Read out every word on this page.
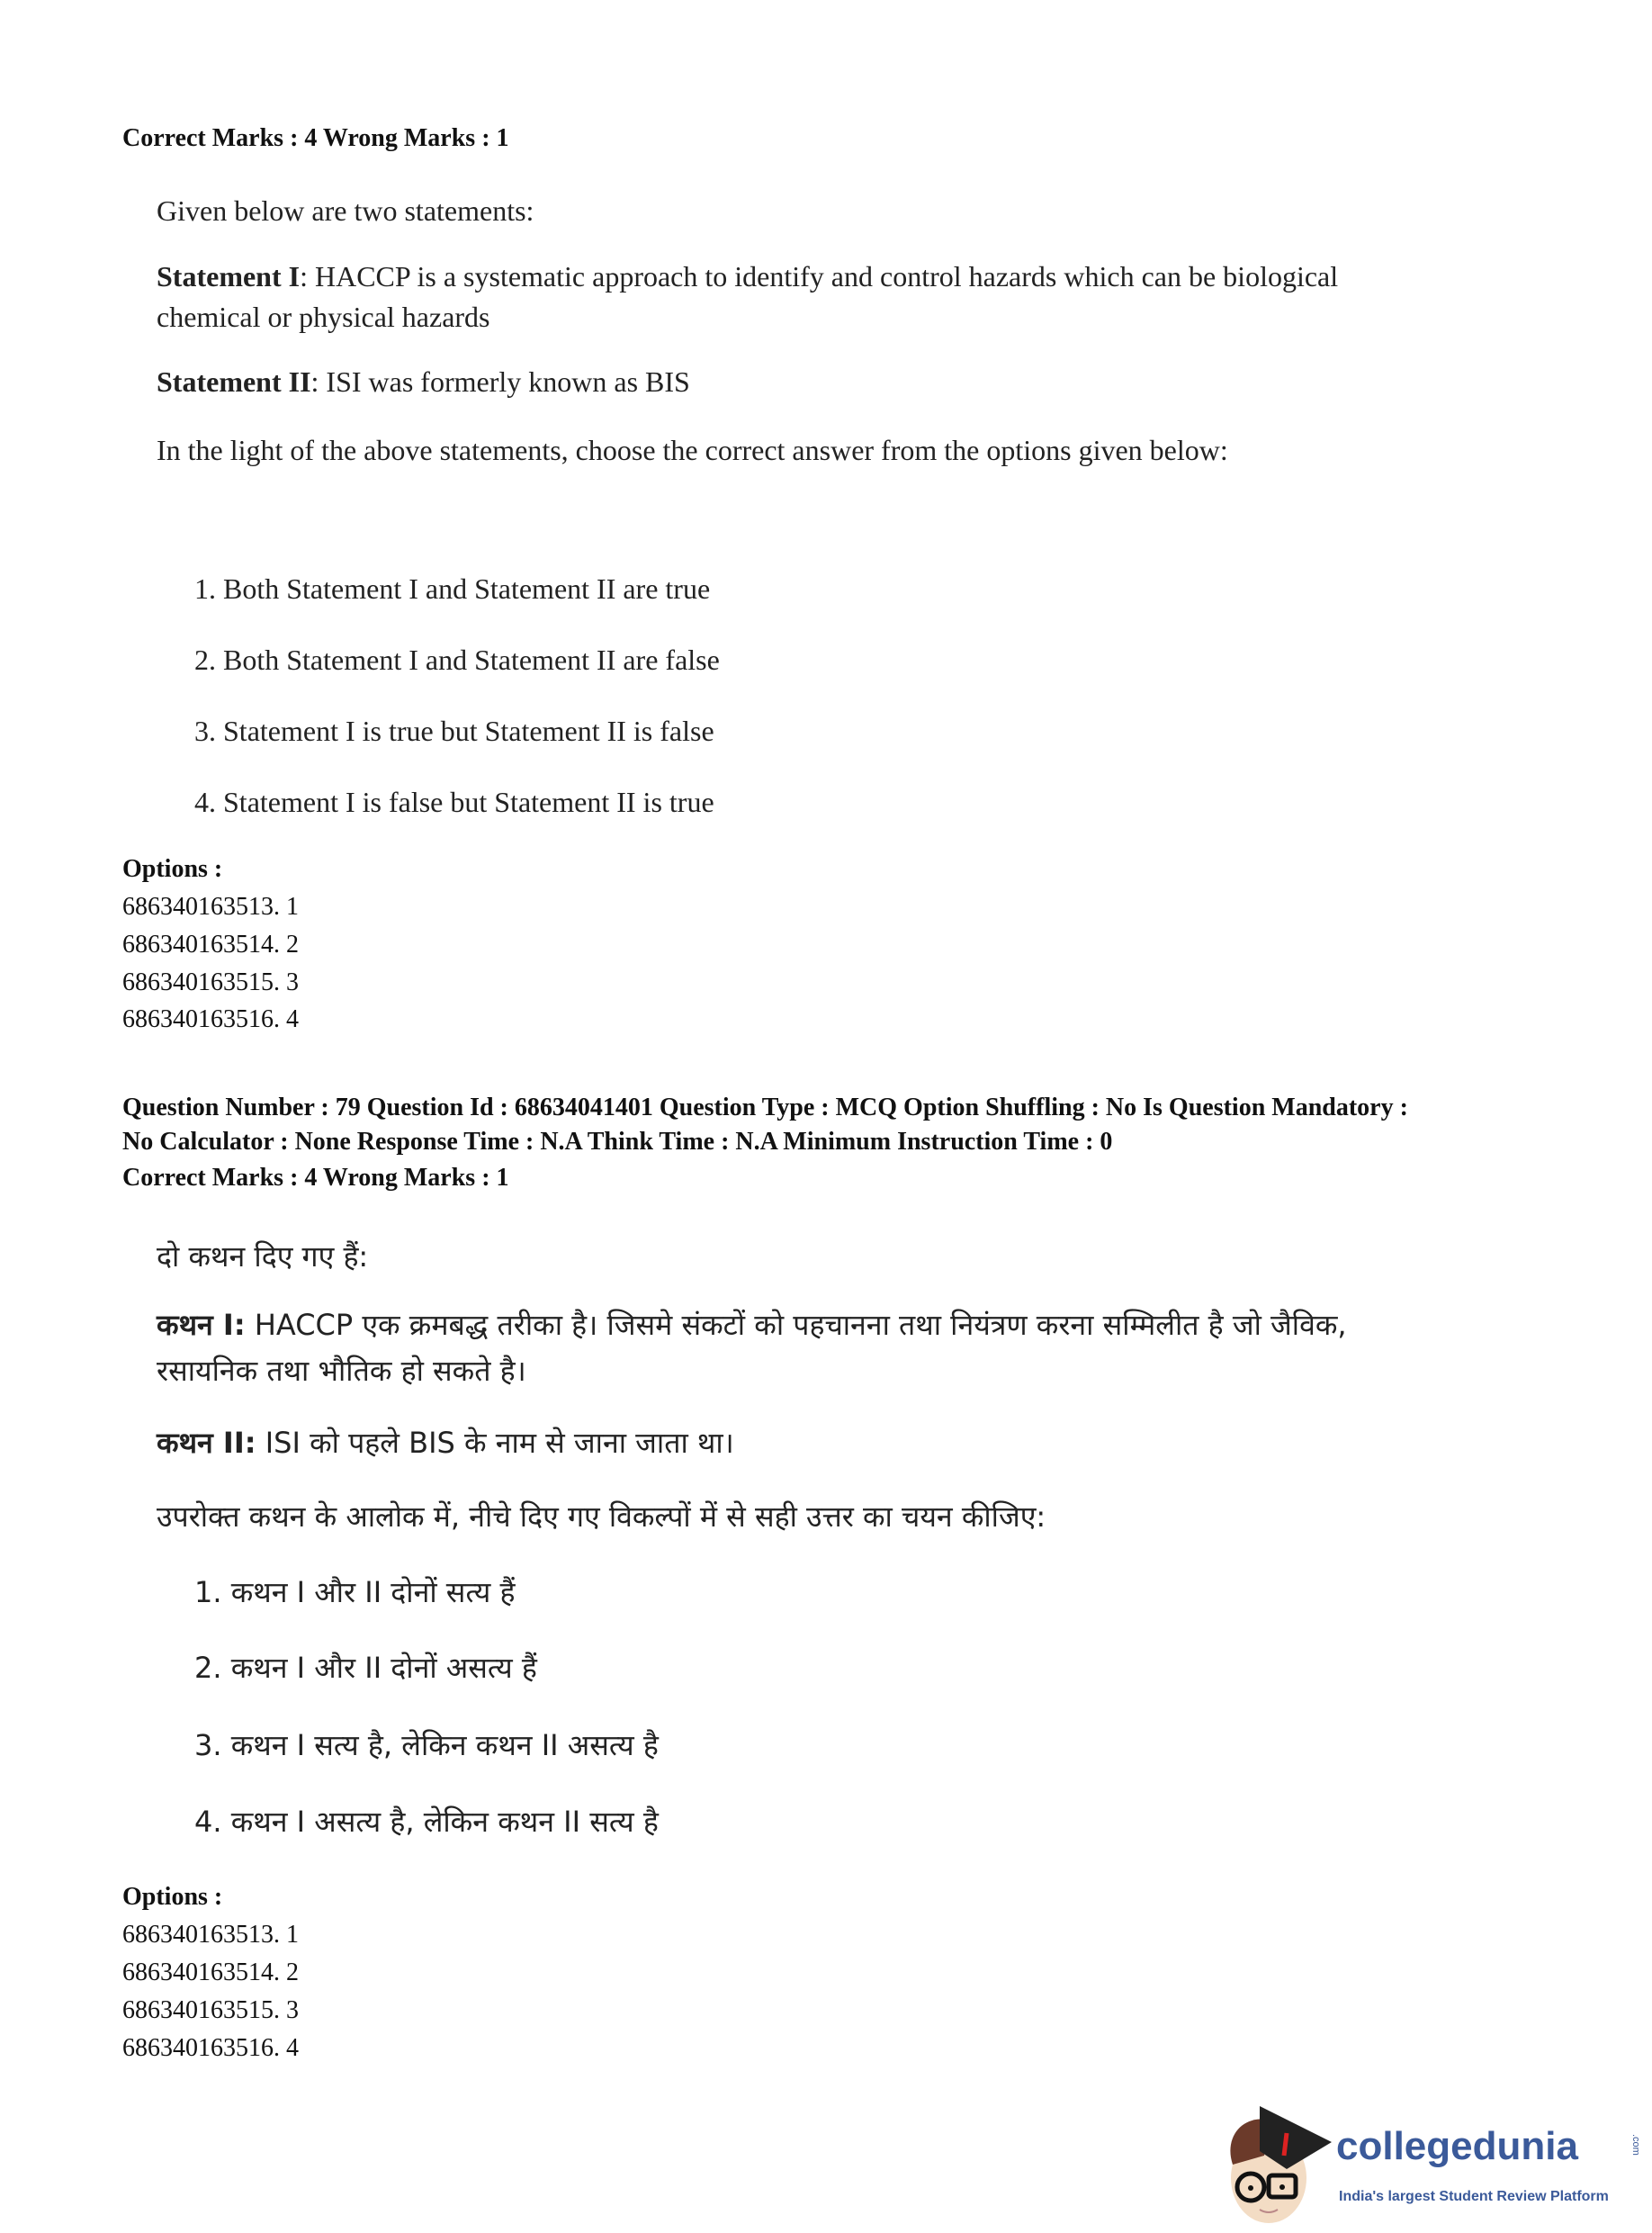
Correct Marks : 4 Wrong Marks : 1
Given below are two statements:
Statement I: HACCP is a systematic approach to identify and control hazards which can be biological
chemical or physical hazards
Statement II: ISI was formerly known as BIS
In the light of the above statements, choose the correct answer from the options given below:
1. Both Statement I and Statement II are true
2. Both Statement I and Statement II are false
3. Statement I is true but Statement II is false
4. Statement I is false but Statement II is true
Options :
686340163513. 1
686340163514. 2
686340163515. 3
686340163516. 4
Question Number : 79 Question Id : 68634041401 Question Type : MCQ Option Shuffling : No Is Question Mandatory :
No Calculator : None Response Time : N.A Think Time : N.A Minimum Instruction Time : 0
Correct Marks : 4 Wrong Marks : 1
दो कथन दिए गए हैं:
कथन I: HACCP एक क्रमबद्ध तरीका है। जिसमे संकटों को पहचानना तथा नियंत्रण करना सम्मिलीत है जो जैविक,
रसायनिक तथा भौतिक हो सकते है।
कथन II: ISI को पहले BIS के नाम से जाना जाता था।
उपरोक्त कथन के आलोक में, नीचे दिए गए विकल्पों में से सही उत्तर का चयन कीजिए:
1. कथन I और II दोनों सत्य हैं
2. कथन I और II दोनों असत्य हैं
3. कथन I सत्य है, लेकिन कथन II असत्य है
4. कथन I असत्य है, लेकिन कथन II सत्य है
Options :
686340163513. 1
686340163514. 2
686340163515. 3
686340163516. 4
collegedunia	.com
India's largest Student Review Platform
